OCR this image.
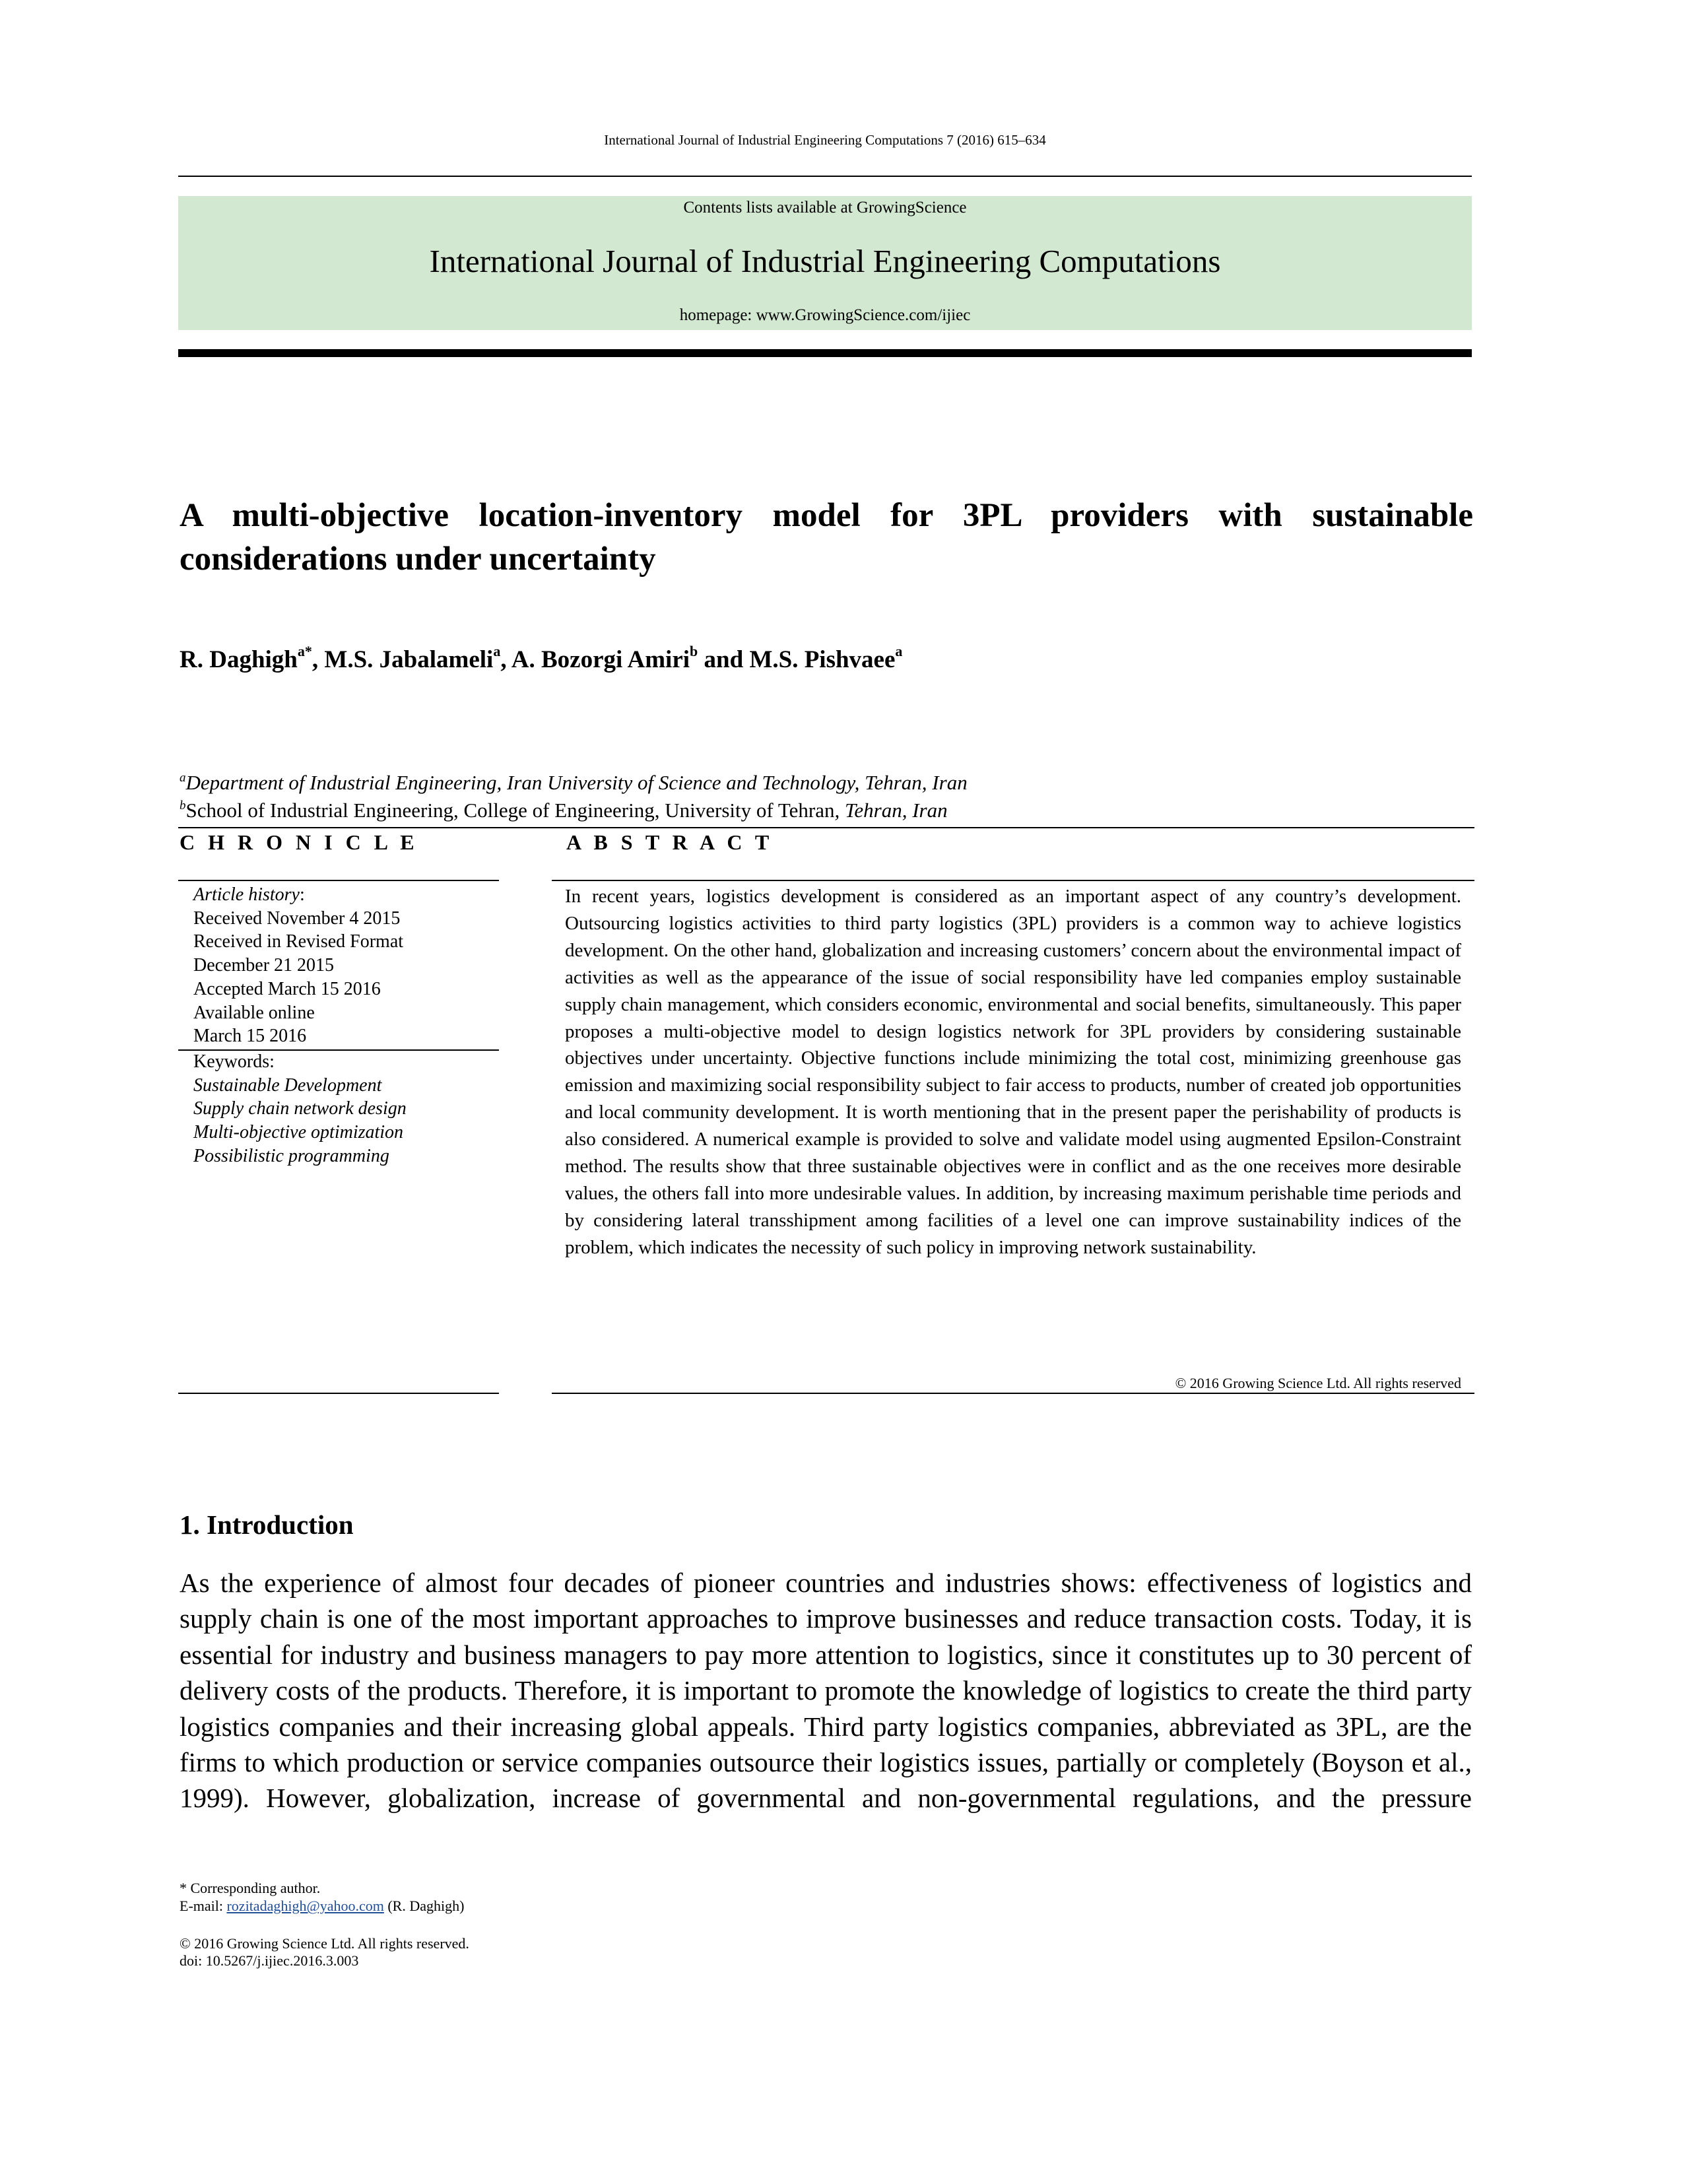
International Journal of Industrial Engineering Computations 7 (2016) 615–634
Contents lists available at GrowingScience
International Journal of Industrial Engineering Computations
homepage: www.GrowingScience.com/ijiec
A multi-objective location-inventory model for 3PL providers with sustainable considerations under uncertainty
R. Daghigh$^{a*}$, M.S. Jabalameli$^a$, A. Bozorgi Amiri$^b$ and M.S. Pishvaee$^a$
$^a$Department of Industrial Engineering, Iran University of Science and Technology, Tehran, Iran
$^b$School of Industrial Engineering, College of Engineering, University of Tehran, Tehran, Iran
C H R O N I C L E	A B S T R A C T
Article history:
Received November 4 2015
Received in Revised Format
December 21 2015
Accepted March 15 2016
Available online
March 15 2016
Keywords:
Sustainable Development
Supply chain network design
Multi-objective optimization
Possibilistic programming
In recent years, logistics development is considered as an important aspect of any country’s development. Outsourcing logistics activities to third party logistics (3PL) providers is a common way to achieve logistics development. On the other hand, globalization and increasing customers’ concern about the environmental impact of activities as well as the appearance of the issue of social responsibility have led companies employ sustainable supply chain management, which considers economic, environmental and social benefits, simultaneously. This paper proposes a multi-objective model to design logistics network for 3PL providers by considering sustainable objectives under uncertainty. Objective functions include minimizing the total cost, minimizing greenhouse gas emission and maximizing social responsibility subject to fair access to products, number of created job opportunities and local community development. It is worth mentioning that in the present paper the perishability of products is also considered. A numerical example is provided to solve and validate model using augmented Epsilon-Constraint method. The results show that three sustainable objectives were in conflict and as the one receives more desirable values, the others fall into more undesirable values. In addition, by increasing maximum perishable time periods and by considering lateral transshipment among facilities of a level one can improve sustainability indices of the problem, which indicates the necessity of such policy in improving network sustainability.
© 2016 Growing Science Ltd. All rights reserved
1. Introduction
As the experience of almost four decades of pioneer countries and industries shows: effectiveness of logistics and supply chain is one of the most important approaches to improve businesses and reduce transaction costs. Today, it is essential for industry and business managers to pay more attention to logistics, since it constitutes up to 30 percent of delivery costs of the products. Therefore, it is important to promote the knowledge of logistics to create the third party logistics companies and their increasing global appeals. Third party logistics companies, abbreviated as 3PL, are the firms to which production or service companies outsource their logistics issues, partially or completely (Boyson et al., 1999). However, globalization, increase of governmental and non-governmental regulations, and the pressure
* Corresponding author.
E-mail: rozitadaghigh@yahoo.com (R. Daghigh)
© 2016 Growing Science Ltd. All rights reserved.
doi: 10.5267/j.ijiec.2016.3.003
